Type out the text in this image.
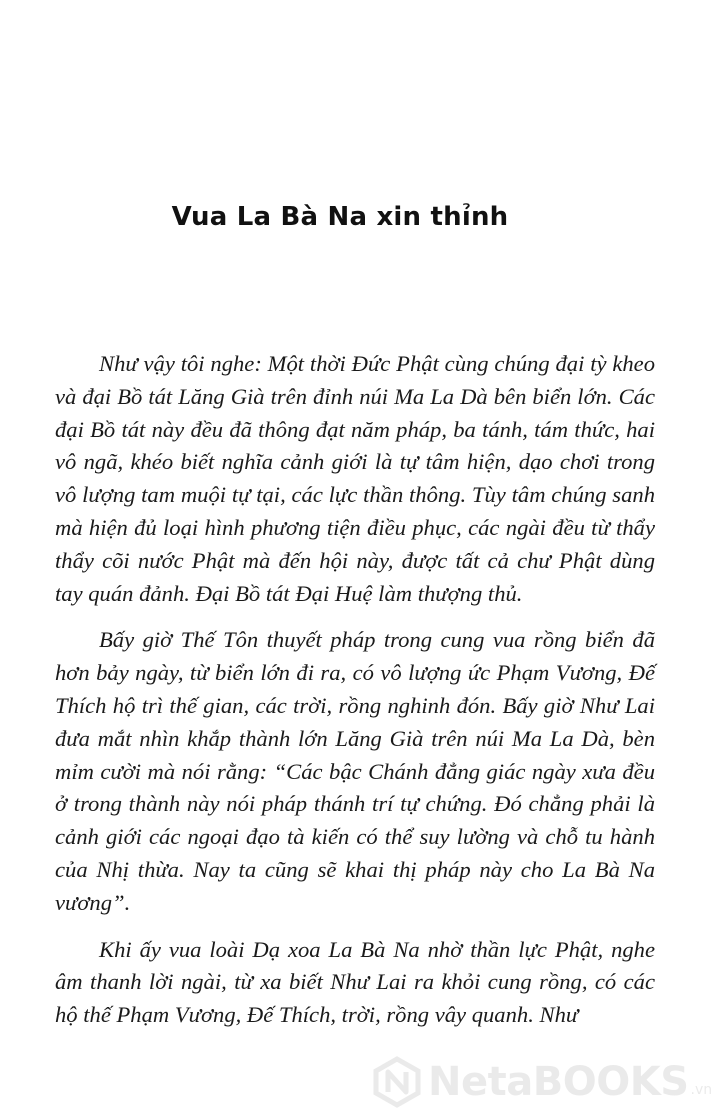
Vua La Bà Na xin thỉnh

Như vậy tôi nghe: Một thời Đức Phật cùng chúng đại tỳ kheo và đại Bồ tát Lăng Già trên đỉnh núi Ma La Dà bên biển lớn. Các đại Bồ tát này đều đã thông đạt năm pháp, ba tánh, tám thức, hai vô ngã, khéo biết nghĩa cảnh giới là tự tâm hiện, dạo chơi trong vô lượng tam muội tự tại, các lực thần thông. Tùy tâm chúng sanh mà hiện đủ loại hình phương tiện điều phục, các ngài đều từ thẩy thẩy cõi nước Phật mà đến hội này, được tất cả chư Phật dùng tay quán đảnh. Đại Bồ tát Đại Huệ làm thượng thủ.

Bấy giờ Thế Tôn thuyết pháp trong cung vua rồng biển đã hơn bảy ngày, từ biển lớn đi ra, có vô lượng ức Phạm Vương, Đế Thích hộ trì thế gian, các trời, rồng nghinh đón. Bấy giờ Như Lai đưa mắt nhìn khắp thành lớn Lăng Già trên núi Ma La Dà, bèn mỉm cười mà nói rằng: “Các bậc Chánh đẳng giác ngày xưa đều ở trong thành này nói pháp thánh trí tự chứng. Đó chẳng phải là cảnh giới các ngoại đạo tà kiến có thể suy lường và chỗ tu hành của Nhị thừa. Nay ta cũng sẽ khai thị pháp này cho La Bà Na vương”.

Khi ấy vua loài Dạ xoa La Bà Na nhờ thần lực Phật, nghe âm thanh lời ngài, từ xa biết Như Lai ra khỏi cung rồng, có các hộ thế Phạm Vương, Đế Thích, trời, rồng vây quanh. Như

NetaBOOKS .vn
